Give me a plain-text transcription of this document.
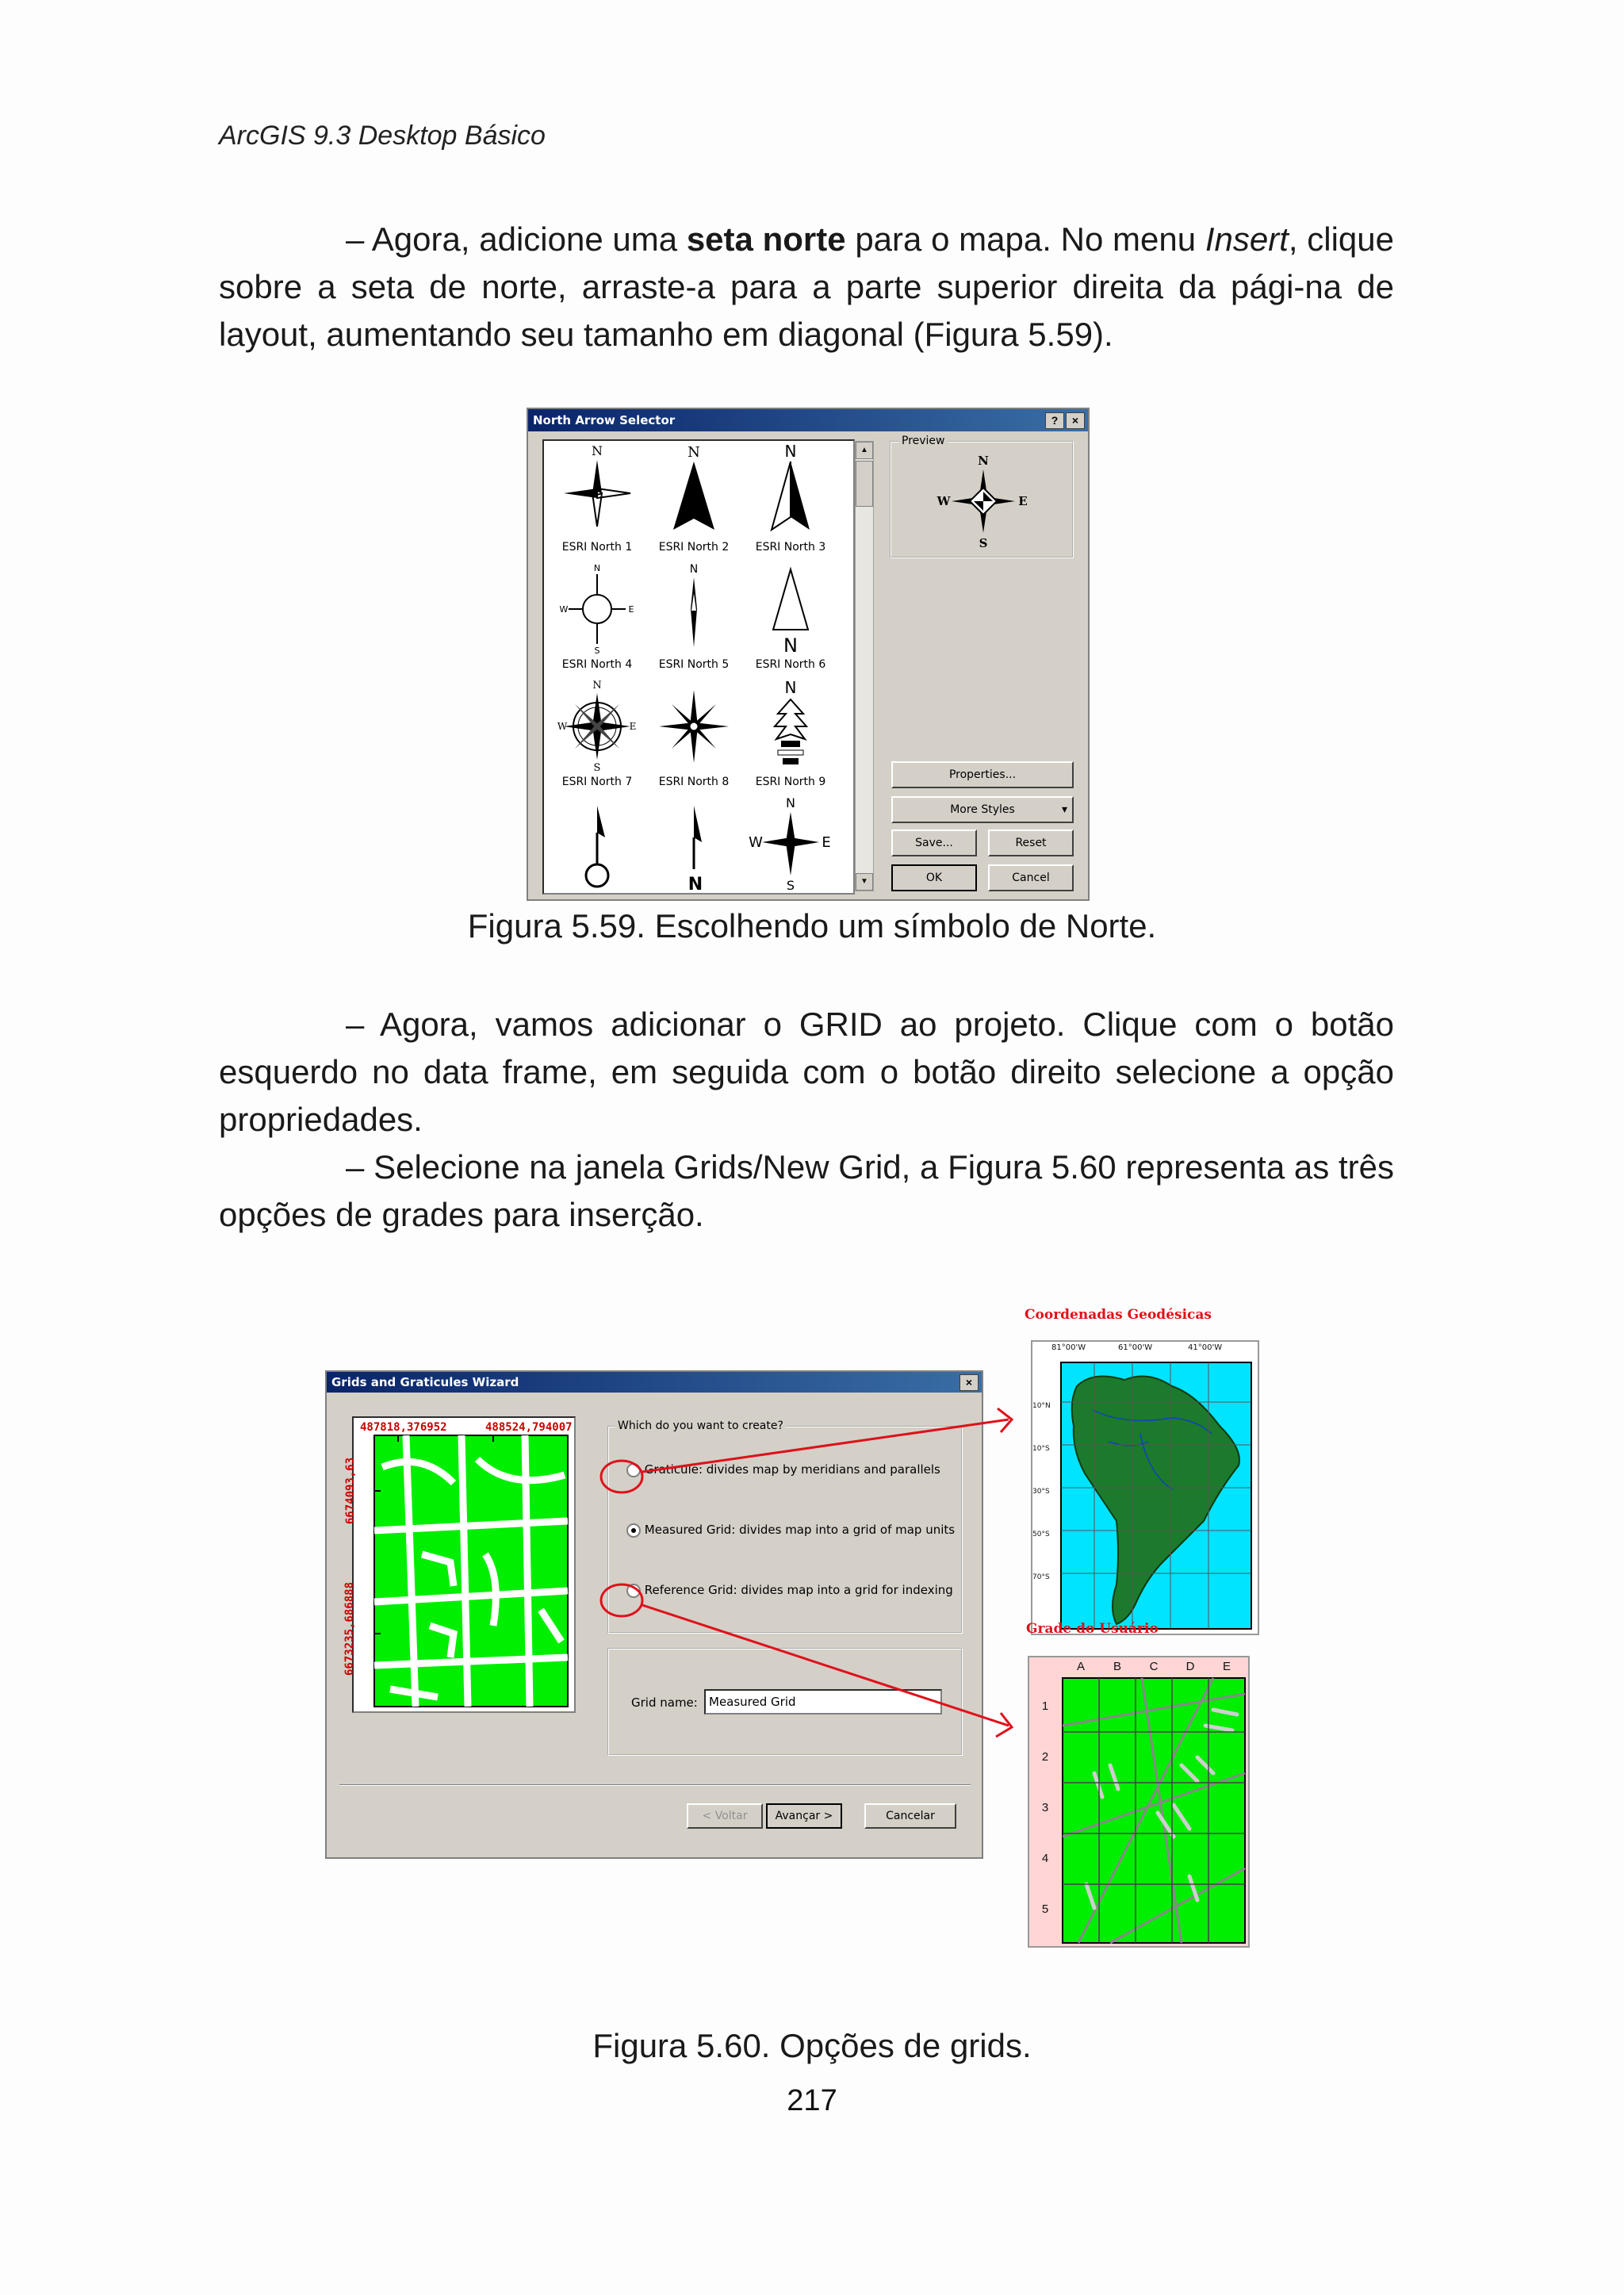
ArcGIS 9.3 Desktop Básico
– Agora, adicione uma seta norte para o mapa. No menu Insert, clique sobre a seta de norte, arraste-a para a parte superior direita da pági-na de layout, aumentando seu tamanho em diagonal (Figura 5.59).
North Arrow Selector	?	×
N
ESRI North 1
N
ESRI North 2
N
ESRI North 3
N
W	E
S
ESRI North 4
N
ESRI North 5
N
ESRI North 6
N
W	E
S
ESRI North 7	ESRI North 8
N
ESRI North 9
N
N
W	E
S
▲
▼
Preview
N
W	E
S
Properties...
More Styles	▾
Save...	Reset
OK	Cancel
Figura 5.59. Escolhendo um símbolo de Norte.
– Agora, vamos adicionar o GRID ao projeto. Clique com o botão esquerdo no data frame, em seguida com o botão direito selecione a opção propriedades.
– Selecione na janela Grids/New Grid, a Figura 5.60 representa as três opções de grades para inserção.
Grids and Graticules Wizard	×
487818,376952	488524,794007
6674093,63
6673235,686888
Which do you want to create?
Graticule: divides map by meridians and parallels
Measured Grid: divides map into a grid of map units
Reference Grid: divides map into a grid for indexing
Grid name: Measured Grid
< Voltar	Avançar >	Cancelar
Coordenadas Geodésicas
81°00'W	61°00'W	41°00'W
10°N
10°S
30°S
50°S
70°S
Grade do Usuário
A	B	C	D	E
1
2
3
4
5
Figura 5.60. Opções de grids.
217
